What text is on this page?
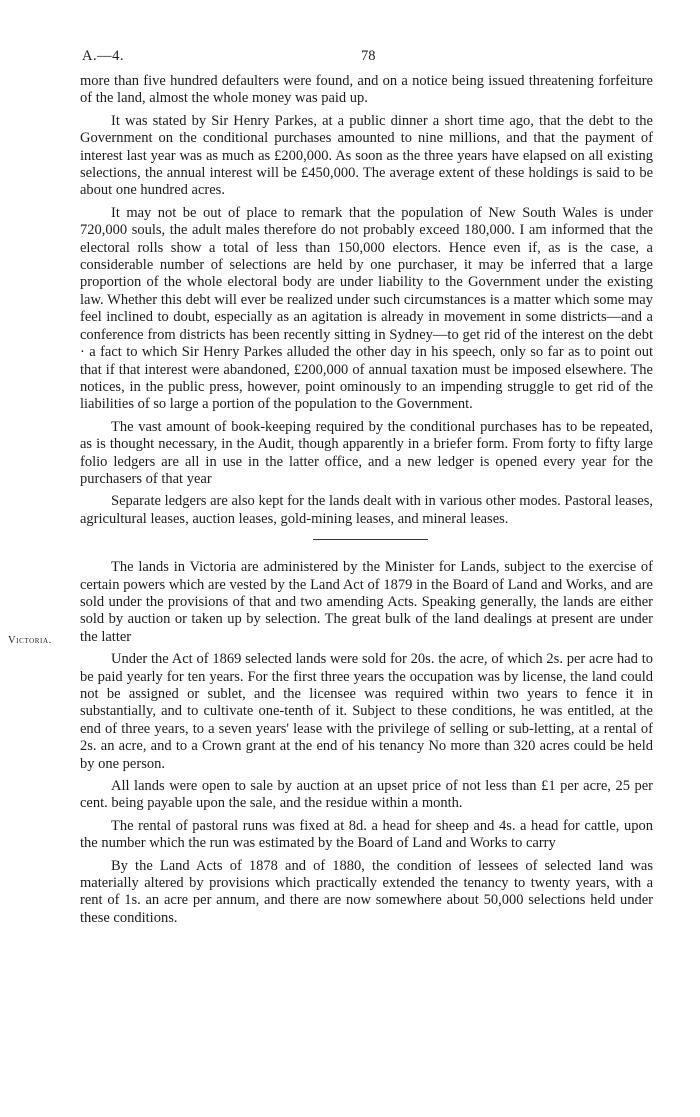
A.—4.	78
Victoria.

more than five hundred defaulters were found, and on a notice being issued threatening forfeiture of the land, almost the whole money was paid up.

It was stated by Sir Henry Parkes, at a public dinner a short time ago, that the debt to the Government on the conditional purchases amounted to nine millions, and that the payment of interest last year was as much as £200,000. As soon as the three years have elapsed on all existing selections, the annual interest will be £450,000. The average extent of these holdings is said to be about one hundred acres.

It may not be out of place to remark that the population of New South Wales is under 720,000 souls, the adult males therefore do not probably exceed 180,000. I am informed that the electoral rolls show a total of less than 150,000 electors. Hence even if, as is the case, a considerable number of selections are held by one purchaser, it may be inferred that a large proportion of the whole electoral body are under liability to the Government under the existing law. Whether this debt will ever be realized under such circumstances is a matter which some may feel inclined to doubt, especially as an agitation is already in movement in some districts—and a conference from districts has been recently sitting in Sydney—to get rid of the interest on the debt · a fact to which Sir Henry Parkes alluded the other day in his speech, only so far as to point out that if that interest were abandoned, £200,000 of annual taxation must be imposed elsewhere. The notices, in the public press, however, point ominously to an impending struggle to get rid of the liabilities of so large a portion of the population to the Government.

The vast amount of book-keeping required by the conditional purchases has to be repeated, as is thought necessary, in the Audit, though apparently in a briefer form. From forty to fifty large folio ledgers are all in use in the latter office, and a new ledger is opened every year for the purchasers of that year

Separate ledgers are also kept for the lands dealt with in various other modes. Pastoral leases, agricultural leases, auction leases, gold-mining leases, and mineral leases.

The lands in Victoria are administered by the Minister for Lands, subject to the exercise of certain powers which are vested by the Land Act of 1879 in the Board of Land and Works, and are sold under the provisions of that and two amending Acts. Speaking generally, the lands are either sold by auction or taken up by selection. The great bulk of the land dealings at present are under the latter

Under the Act of 1869 selected lands were sold for 20s. the acre, of which 2s. per acre had to be paid yearly for ten years. For the first three years the occupation was by license, the land could not be assigned or sublet, and the licensee was required within two years to fence it in substantially, and to cultivate one-tenth of it. Subject to these conditions, he was entitled, at the end of three years, to a seven years' lease with the privilege of selling or sub-letting, at a rental of 2s. an acre, and to a Crown grant at the end of his tenancy No more than 320 acres could be held by one person.

All lands were open to sale by auction at an upset price of not less than £1 per acre, 25 per cent. being payable upon the sale, and the residue within a month.

The rental of pastoral runs was fixed at 8d. a head for sheep and 4s. a head for cattle, upon the number which the run was estimated by the Board of Land and Works to carry

By the Land Acts of 1878 and of 1880, the condition of lessees of selected land was materially altered by provisions which practically extended the tenancy to twenty years, with a rent of 1s. an acre per annum, and there are now somewhere about 50,000 selections held under these conditions.
